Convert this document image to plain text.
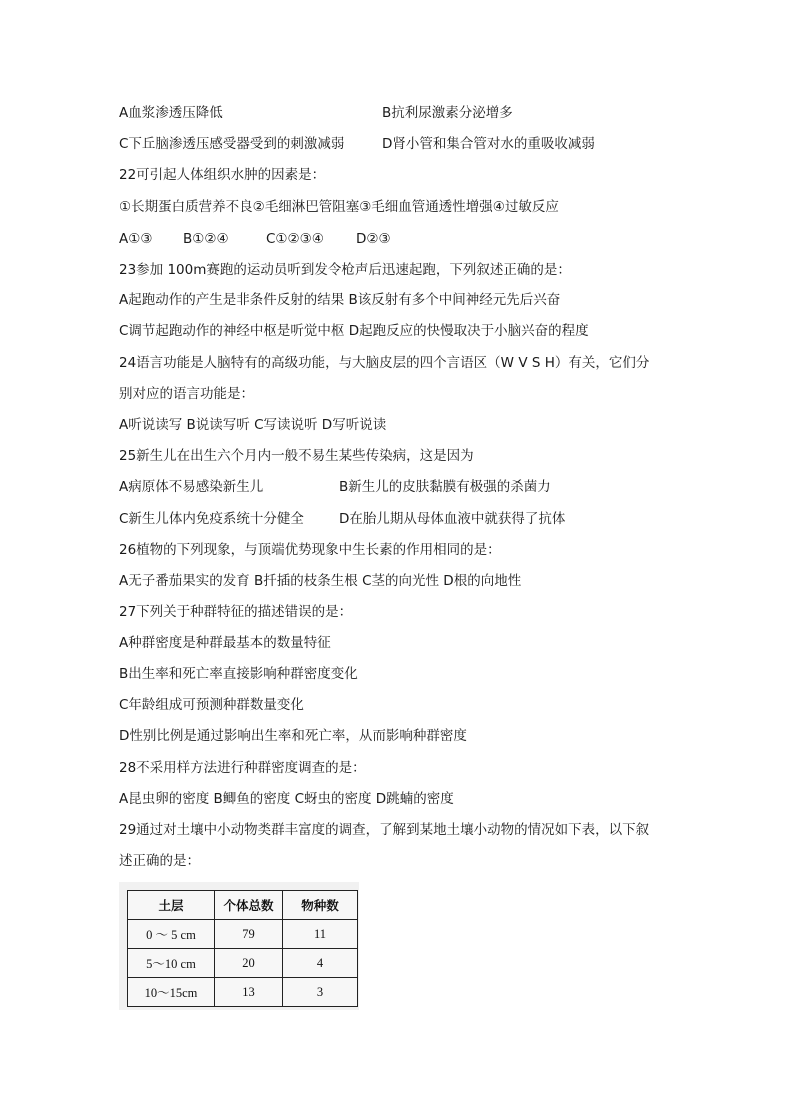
A血浆渗透压降低	B抗利尿激素分泌增多
C下丘脑渗透压感受器受到的刺激减弱	D肾小管和集合管对水的重吸收减弱
22可引起人体组织水肿的因素是：
①长期蛋白质营养不良②毛细淋巴管阻塞③毛细血管通透性增强④过敏反应
A①③ B①②④	C①②③④ D②③
23参加 100m赛跑的运动员听到发令枪声后迅速起跑，下列叙述正确的是：
A起跑动作的产生是非条件反射的结果 B该反射有多个中间神经元先后兴奋
C调节起跑动作的神经中枢是听觉中枢 D起跑反应的快慢取决于小脑兴奋的程度
24语言功能是人脑特有的高级功能，与大脑皮层的四个言语区（W V S H）有关，它们分
别对应的语言功能是：
A听说读写 B说读写听 C写读说听 D写听说读
25新生儿在出生六个月内一般不易生某些传染病，这是因为
A病原体不易感染新生儿	B新生儿的皮肤黏膜有极强的杀菌力
C新生儿体内免疫系统十分健全	D在胎儿期从母体血液中就获得了抗体
26植物的下列现象，与顶端优势现象中生长素的作用相同的是：
A无子番茄果实的发育 B扦插的枝条生根 C茎的向光性 D根的向地性
27下列关于种群特征的描述错误的是：
A种群密度是种群最基本的数量特征
B出生率和死亡率直接影响种群密度变化
C年龄组成可预测种群数量变化
D性别比例是通过影响出生率和死亡率，从而影响种群密度
28不采用样方法进行种群密度调查的是：
A昆虫卵的密度 B鲫鱼的密度 C蚜虫的密度 D跳蝻的密度
29通过对土壤中小动物类群丰富度的调查，了解到某地土壤小动物的情况如下表，以下叙
述正确的是：
土层	个体总数	物种数
0 ～ 5 cm	79	11
5～10 cm	20	4
10～15cm	13	3
